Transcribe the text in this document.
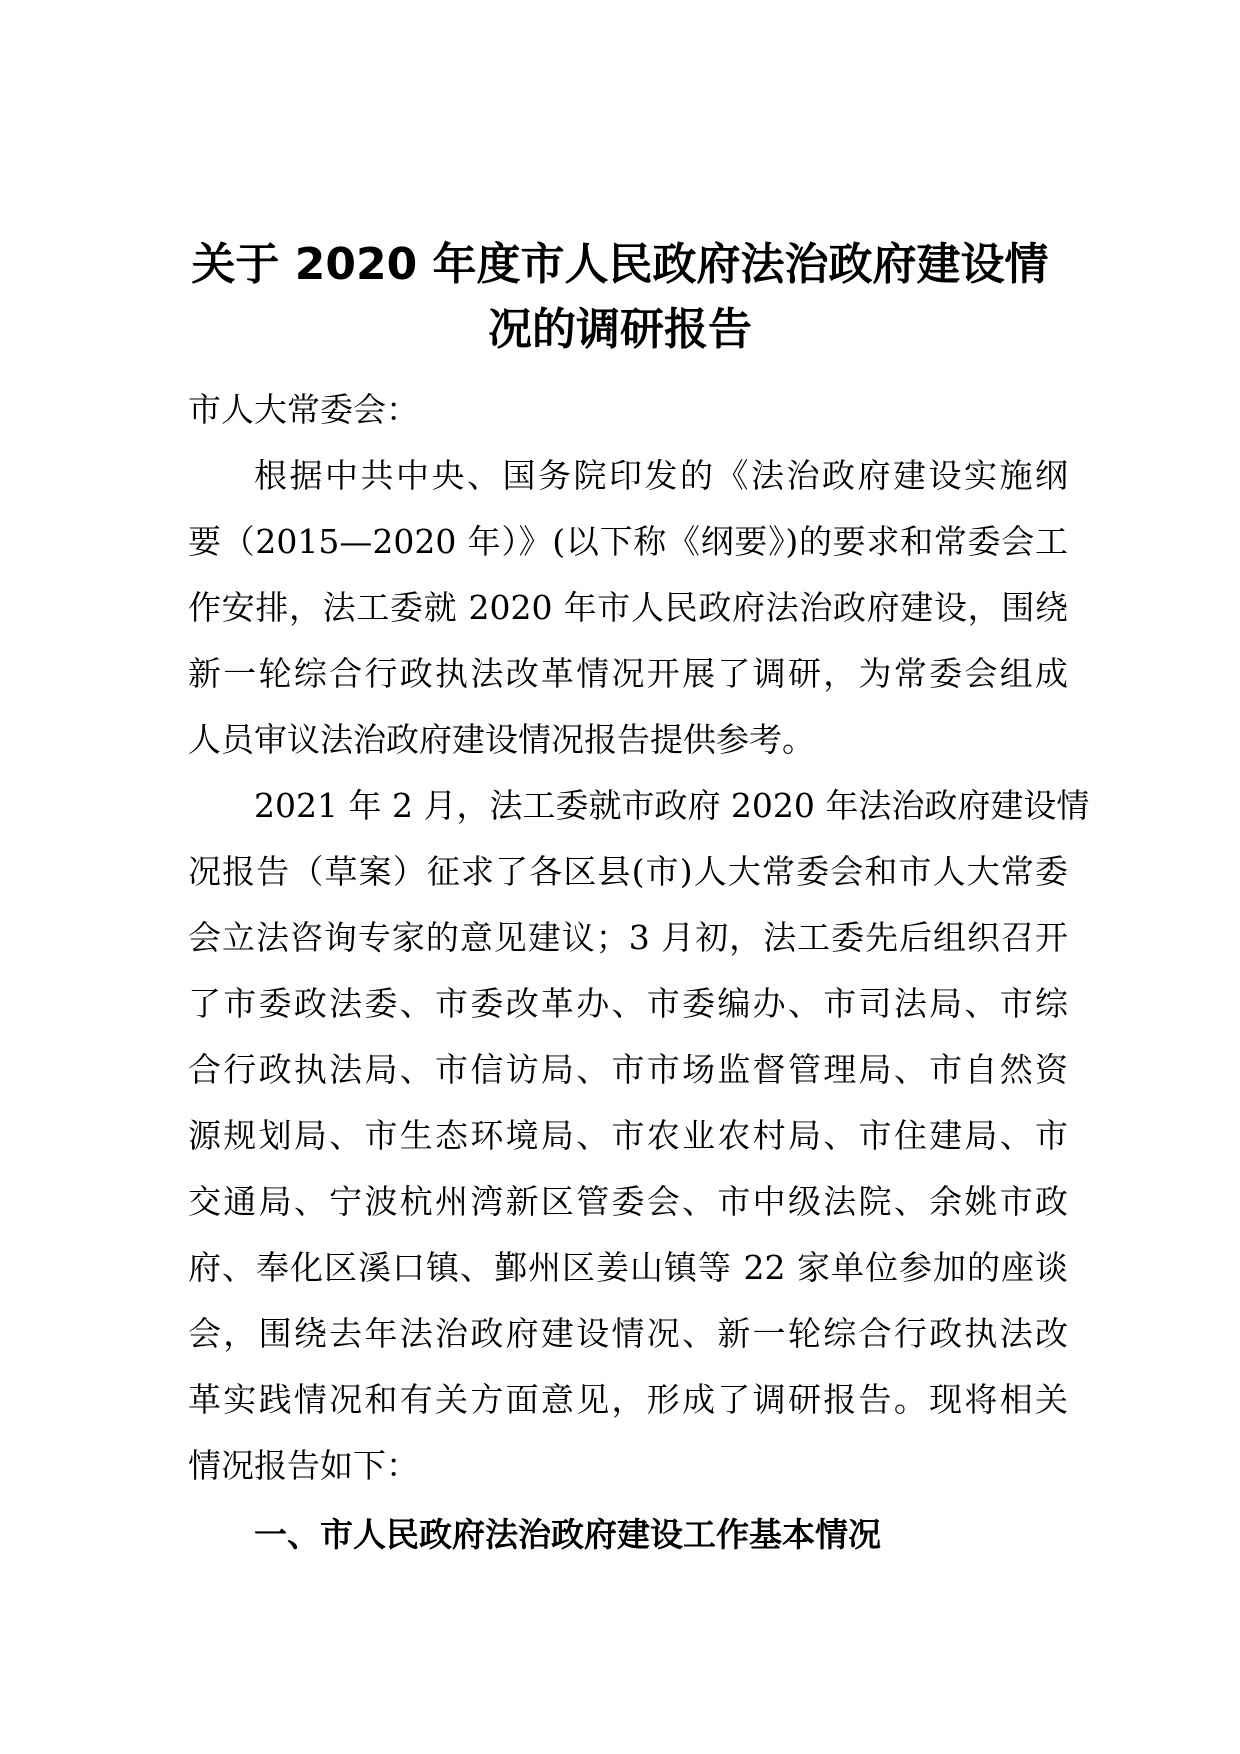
关于 2020 年度市人民政府法治政府建设情
况的调研报告

市人大常委会：

根据中共中央、国务院印发的《法治政府建设实施纲

要（2015—2020 年）》(以下称《纲要》)的要求和常委会工

作安排，法工委就 2020 年市人民政府法治政府建设，围绕

新一轮综合行政执法改革情况开展了调研，为常委会组成

人员审议法治政府建设情况报告提供参考。

2021 年 2 月，法工委就市政府 2020 年法治政府建设情

况报告（草案）征求了各区县(市)人大常委会和市人大常委

会立法咨询专家的意见建议；3 月初，法工委先后组织召开

了市委政法委、市委改革办、市委编办、市司法局、市综

合行政执法局、市信访局、市市场监督管理局、市自然资

源规划局、市生态环境局、市农业农村局、市住建局、市

交通局、宁波杭州湾新区管委会、市中级法院、余姚市政

府、奉化区溪口镇、鄞州区姜山镇等 22 家单位参加的座谈

会，围绕去年法治政府建设情况、新一轮综合行政执法改

革实践情况和有关方面意见，形成了调研报告。现将相关

情况报告如下：

一、市人民政府法治政府建设工作基本情况
